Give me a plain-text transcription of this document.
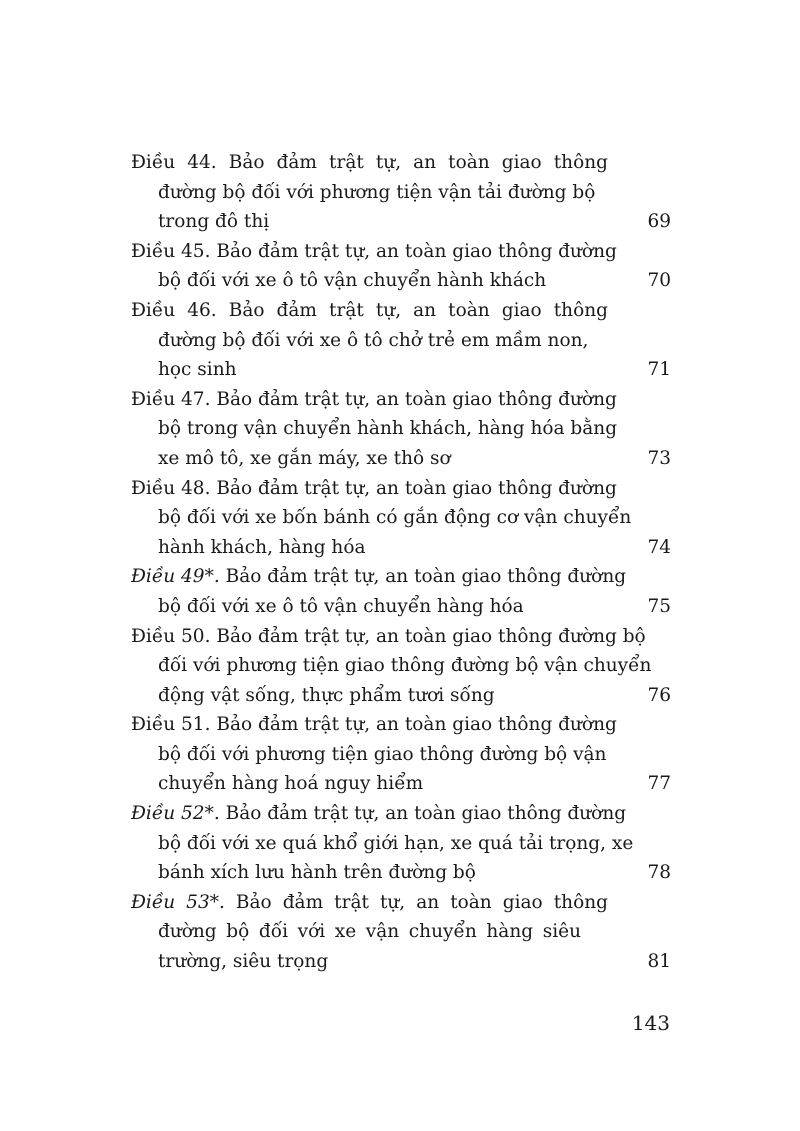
Điều 44. Bảo đảm trật tự, an toàn giao thông
đường bộ đối với phương tiện vận tải đường bộ
trong đô thị	69
Điều 45. Bảo đảm trật tự, an toàn giao thông đường
bộ đối với xe ô tô vận chuyển hành khách	70
Điều 46. Bảo đảm trật tự, an toàn giao thông
đường bộ đối với xe ô tô chở trẻ em mầm non,
học sinh	71
Điều 47. Bảo đảm trật tự, an toàn giao thông đường
bộ trong vận chuyển hành khách, hàng hóa bằng
xe mô tô, xe gắn máy, xe thô sơ	73
Điều 48. Bảo đảm trật tự, an toàn giao thông đường
bộ đối với xe bốn bánh có gắn động cơ vận chuyển
hành khách, hàng hóa	74
Điều 49*. Bảo đảm trật tự, an toàn giao thông đường
bộ đối với xe ô tô vận chuyển hàng hóa	75
Điều 50. Bảo đảm trật tự, an toàn giao thông đường bộ
đối với phương tiện giao thông đường bộ vận chuyển
động vật sống, thực phẩm tươi sống	76
Điều 51. Bảo đảm trật tự, an toàn giao thông đường
bộ đối với phương tiện giao thông đường bộ vận
chuyển hàng hoá nguy hiểm	77
Điều 52*. Bảo đảm trật tự, an toàn giao thông đường
bộ đối với xe quá khổ giới hạn, xe quá tải trọng, xe
bánh xích lưu hành trên đường bộ	78
Điều 53*. Bảo đảm trật tự, an toàn giao thông
đường bộ đối với xe vận chuyển hàng siêu
trường, siêu trọng	81
143
